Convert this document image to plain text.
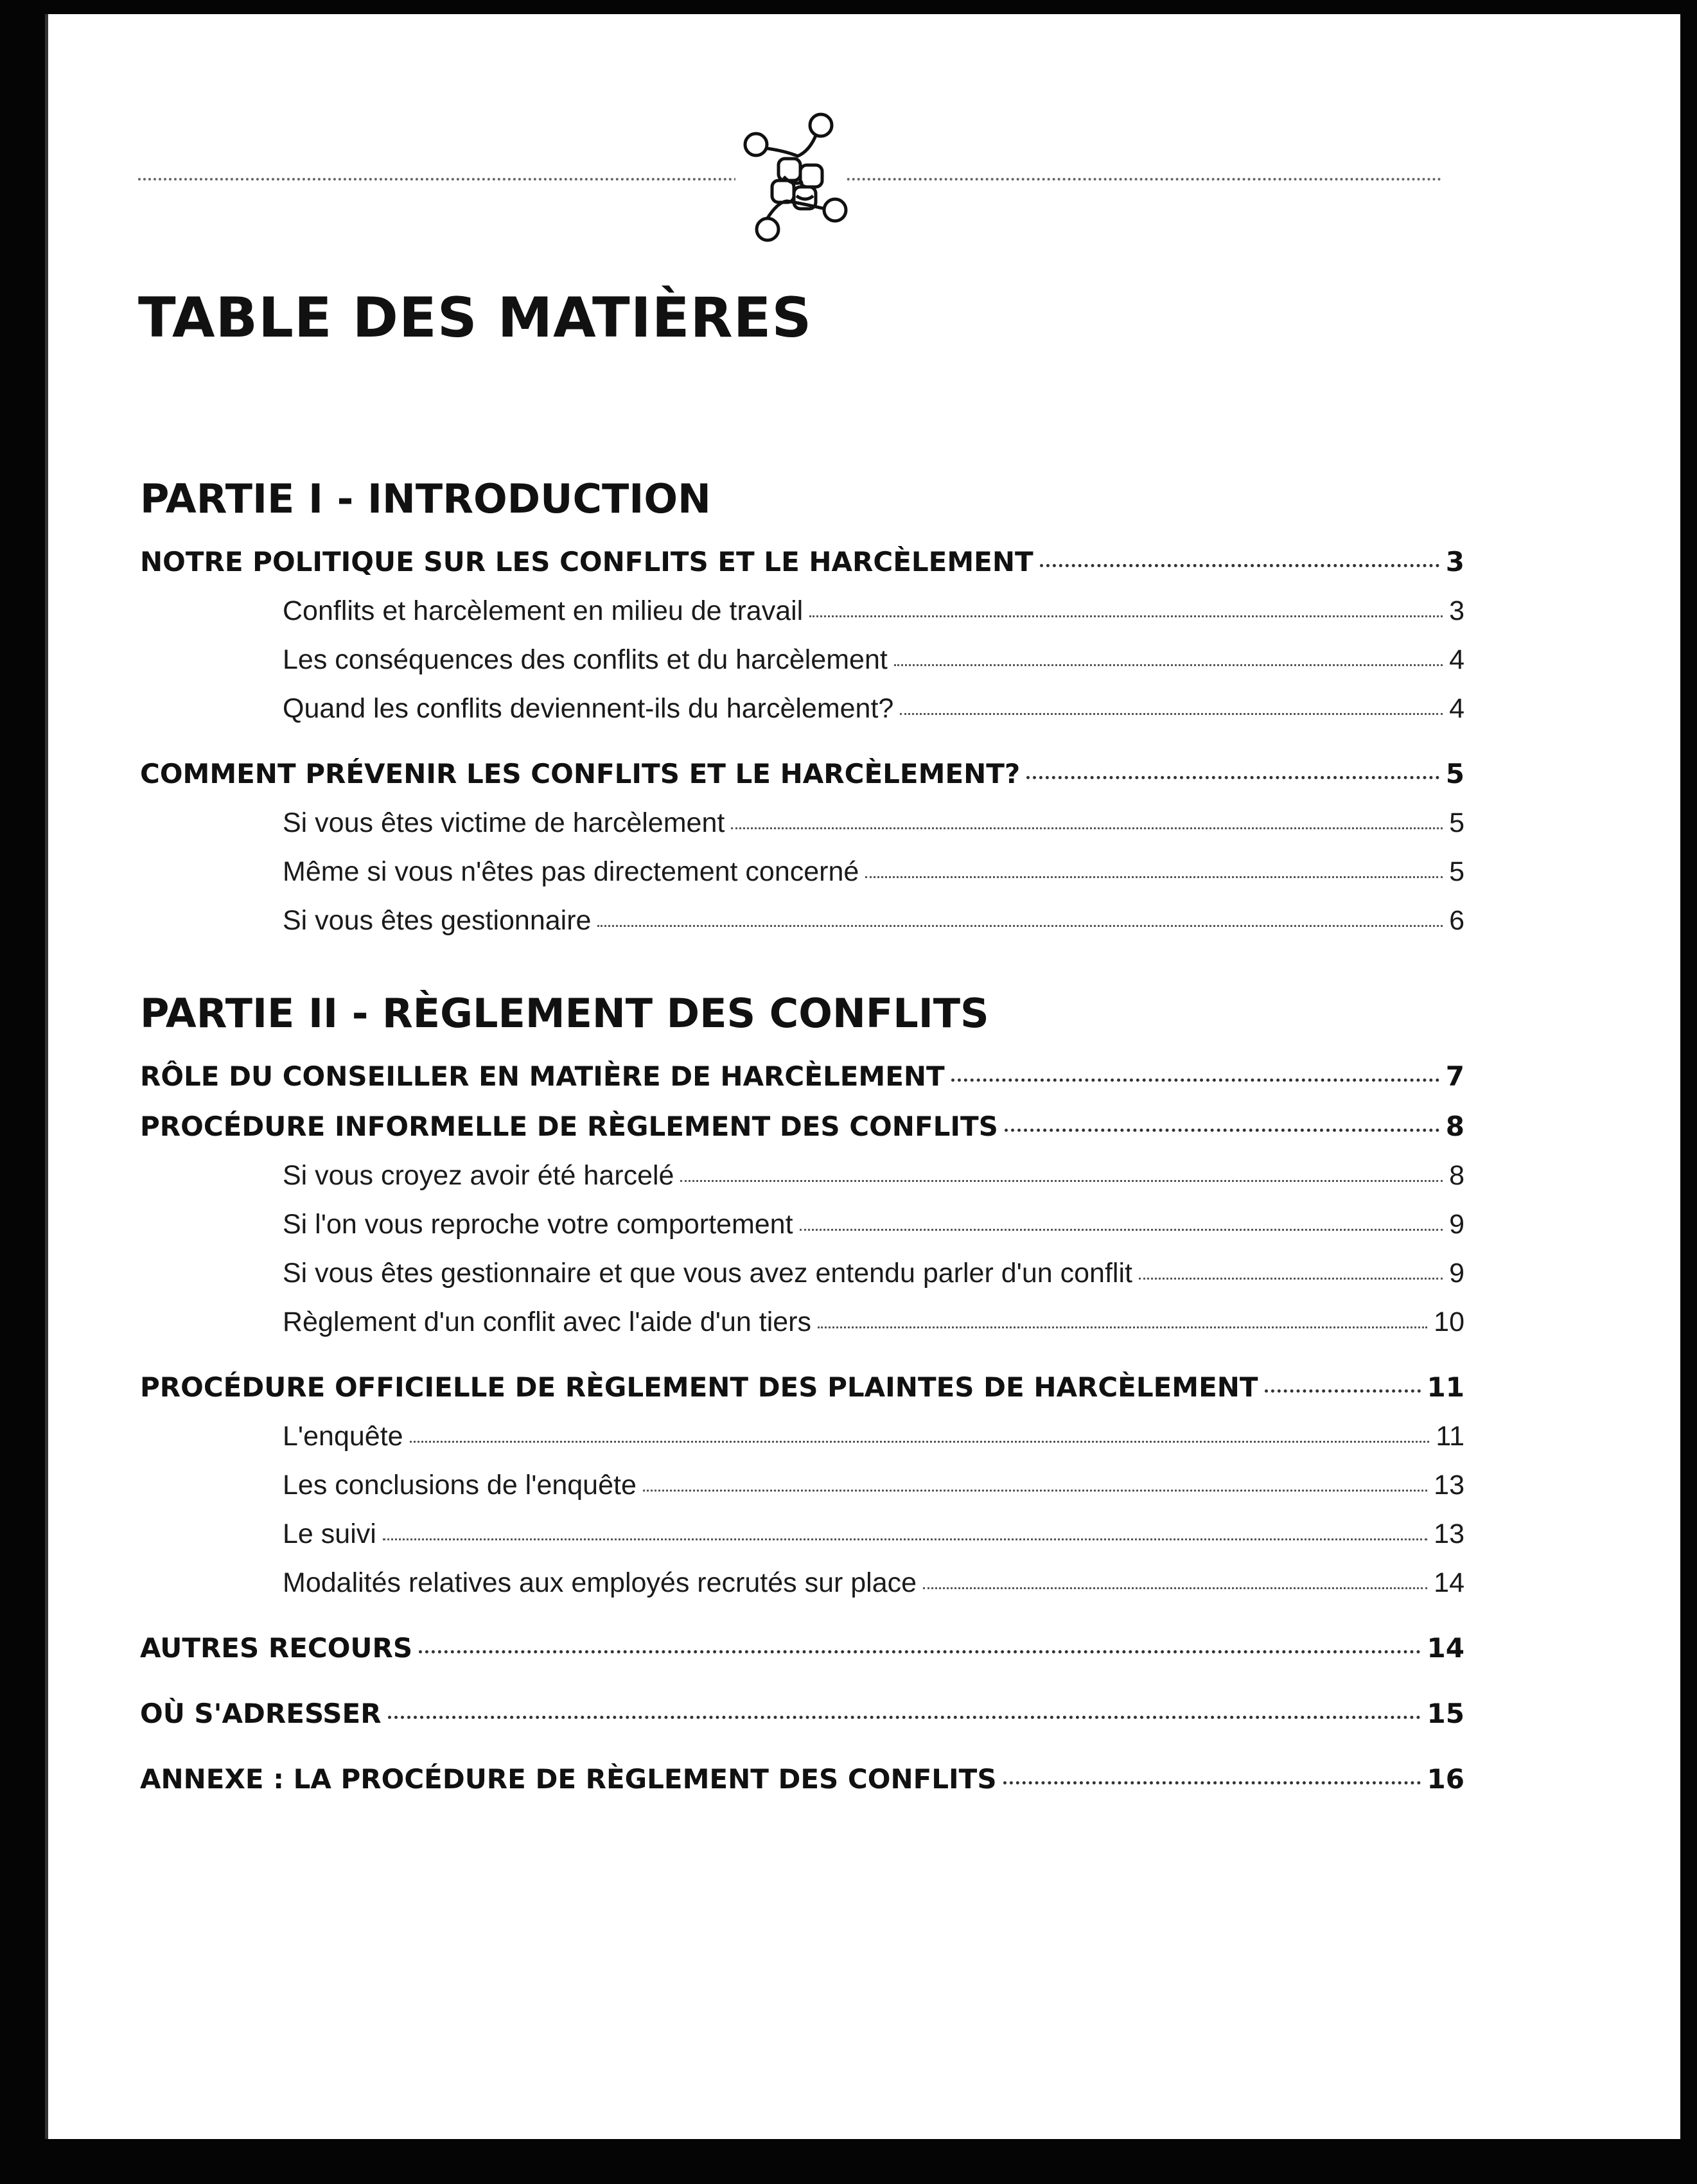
TABLE DES MATIÈRES
PARTIE I - INTRODUCTION
NOTRE POLITIQUE SUR LES CONFLITS ET LE HARCÈLEMENT	3
Conflits et harcèlement en milieu de travail	3
Les conséquences des conflits et du harcèlement	4
Quand les conflits deviennent-ils du harcèlement?	4
COMMENT PRÉVENIR LES CONFLITS ET LE HARCÈLEMENT?	5
Si vous êtes victime de harcèlement	5
Même si vous n'êtes pas directement concerné	5
Si vous êtes gestionnaire	6
PARTIE II - RÈGLEMENT DES CONFLITS
RÔLE DU CONSEILLER EN MATIÈRE DE HARCÈLEMENT	7
PROCÉDURE INFORMELLE DE RÈGLEMENT DES CONFLITS	8
Si vous croyez avoir été harcelé	8
Si l'on vous reproche votre comportement	9
Si vous êtes gestionnaire et que vous avez entendu parler d'un conflit	9
Règlement d'un conflit avec l'aide d'un tiers	10
PROCÉDURE OFFICIELLE DE RÈGLEMENT DES PLAINTES DE HARCÈLEMENT	11
L'enquête	11
Les conclusions de l'enquête	13
Le suivi	13
Modalités relatives aux employés recrutés sur place	14
AUTRES RECOURS	14
OÙ S'ADRESSER	15
ANNEXE : LA PROCÉDURE DE RÈGLEMENT DES CONFLITS	16
